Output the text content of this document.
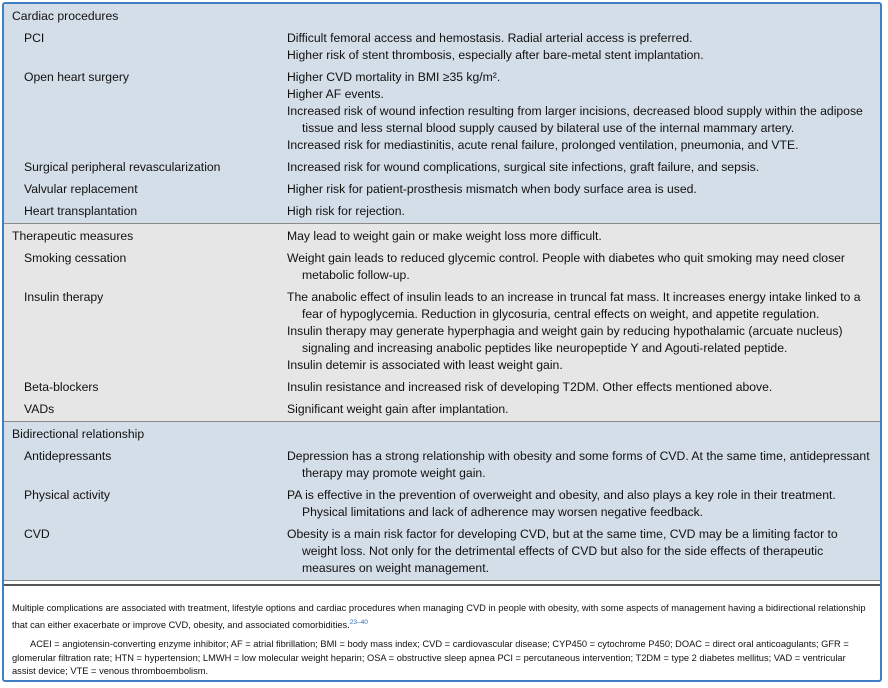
Cardiac procedures
PCI	Difficult femoral access and hemostasis. Radial arterial access is preferred.
Higher risk of stent thrombosis, especially after bare-metal stent implantation.
Open heart surgery	Higher CVD mortality in BMI ≥35 kg/m².
Higher AF events.
Increased risk of wound infection resulting from larger incisions, decreased blood supply within the adipose tissue and less sternal blood supply caused by bilateral use of the internal mammary artery.
Increased risk for mediastinitis, acute renal failure, prolonged ventilation, pneumonia, and VTE.
Surgical peripheral revascularization	Increased risk for wound complications, surgical site infections, graft failure, and sepsis.
Valvular replacement	Higher risk for patient-prosthesis mismatch when body surface area is used.
Heart transplantation	High risk for rejection.
Therapeutic measures	May lead to weight gain or make weight loss more difficult.
Smoking cessation	Weight gain leads to reduced glycemic control. People with diabetes who quit smoking may need closer metabolic follow-up.
Insulin therapy	The anabolic effect of insulin leads to an increase in truncal fat mass. It increases energy intake linked to a fear of hypoglycemia. Reduction in glycosuria, central effects on weight, and appetite regulation.
Insulin therapy may generate hyperphagia and weight gain by reducing hypothalamic (arcuate nucleus) signaling and increasing anabolic peptides like neuropeptide Y and Agouti-related peptide.
Insulin detemir is associated with least weight gain.
Beta-blockers	Insulin resistance and increased risk of developing T2DM. Other effects mentioned above.
VADs	Significant weight gain after implantation.
Bidirectional relationship
Antidepressants	Depression has a strong relationship with obesity and some forms of CVD. At the same time, antidepressant therapy may promote weight gain.
Physical activity	PA is effective in the prevention of overweight and obesity, and also plays a key role in their treatment. Physical limitations and lack of adherence may worsen negative feedback.
CVD	Obesity is a main risk factor for developing CVD, but at the same time, CVD may be a limiting factor to weight loss. Not only for the detrimental effects of CVD but also for the side effects of therapeutic measures on weight management.
Multiple complications are associated with treatment, lifestyle options and cardiac procedures when managing CVD in people with obesity, with some aspects of management having a bidirectional relationship that can either exacerbate or improve CVD, obesity, and associated comorbidities.$^{23-40}$
ACEI = angiotensin-converting enzyme inhibitor; AF = atrial fibrillation; BMI = body mass index; CVD = cardiovascular disease; CYP450 = cytochrome P450; DOAC = direct oral anticoagulants; GFR = glomerular filtration rate; HTN = hypertension; LMWH = low molecular weight heparin; OSA = obstructive sleep apnea PCI = percutaneous intervention; T2DM = type 2 diabetes mellitus; VAD = ventricular assist device; VTE = venous thromboembolism.
